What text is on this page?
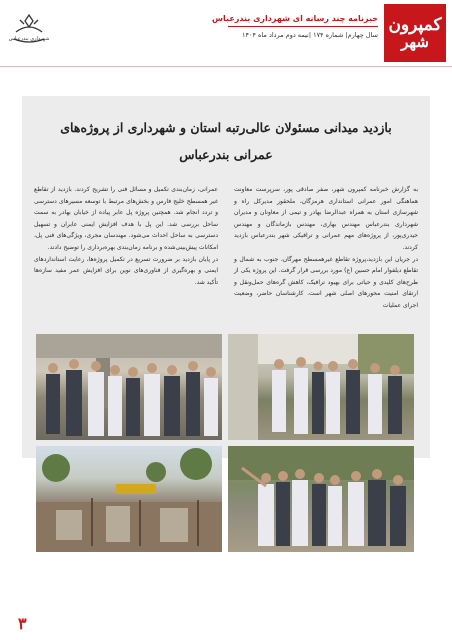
شهرداری بندرعباس
کمپرون
شهر
خبرنامه چند رسانه ای شهرداری بندرعباس
سال چهارم| شماره ۱۷۴ |نیمه دوم مرداد ماه ۱۴۰۴
بازدید میدانی مسئولان عالی‌رتبه استان و شهرداری از پروژه‌های
عمرانی بندرعباس

به گزارش خبرنامه کمپرون شهر، صفر صادقی پور، سرپرست معاونت هماهنگی امور عمرانی استانداری هرمزگان، ملحقور مدیرکل راه و شهرسازی استان به همراه عبدالرضا بهادر و تیمی از معاونان و مدیران شهرداری بندرعباس مهندس بهاری، مهندس بازماندگان و مهندس حیدری‌پور، از پروژه‌های مهم عمرانی و ترافیکی شهر بندرعباس بازدید کردند.

در جریان این بازدید،پروژه تقاطع غیرهمسطح مهرگان، جنوب به شمال و تقاطع دیلفوار امام حسین (ع) مورد بررسی قرار گرفت. این پروژه یکی از طرح‌های کلیدی و حیاتی برای بهبود ترافیک، کاهش گره‌های حمل‌ونقل و ارتقای امنیت محورهای اصلی شهر است. کارشناسان حاضر، وضعیت اجرای عملیات

عمرانی، زمان‌بندی تکمیل و مسائل فنی را تشریح کردند. بازدید از تقاطع غیر همسطح خلیج فارس و بخش‌های مرتبط با توسعه مسیرهای دسترسی و تردد انجام شد. همچنین پروژه پل عابر پیاده از خیابان بهادر به سمت ساحل بررسی شد. این پل با هدف افزایش ایمنی عابران و تسهیل دسترسی به ساحل احداث می‌شود. مهندسان مجری، ویژگی‌های فنی پل، امکانات پیش‌بینی‌شده و برنامه زمان‌بندی بهره‌برداری را توضیح دادند.

در پایان بازدید بر ضرورت تسریع در تکمیل پروژه‌ها، رعایت استانداردهای ایمنی و بهره‌گیری از فناوری‌های نوین برای افزایش عمر مفید سازه‌ها تأکید شد.

۳
